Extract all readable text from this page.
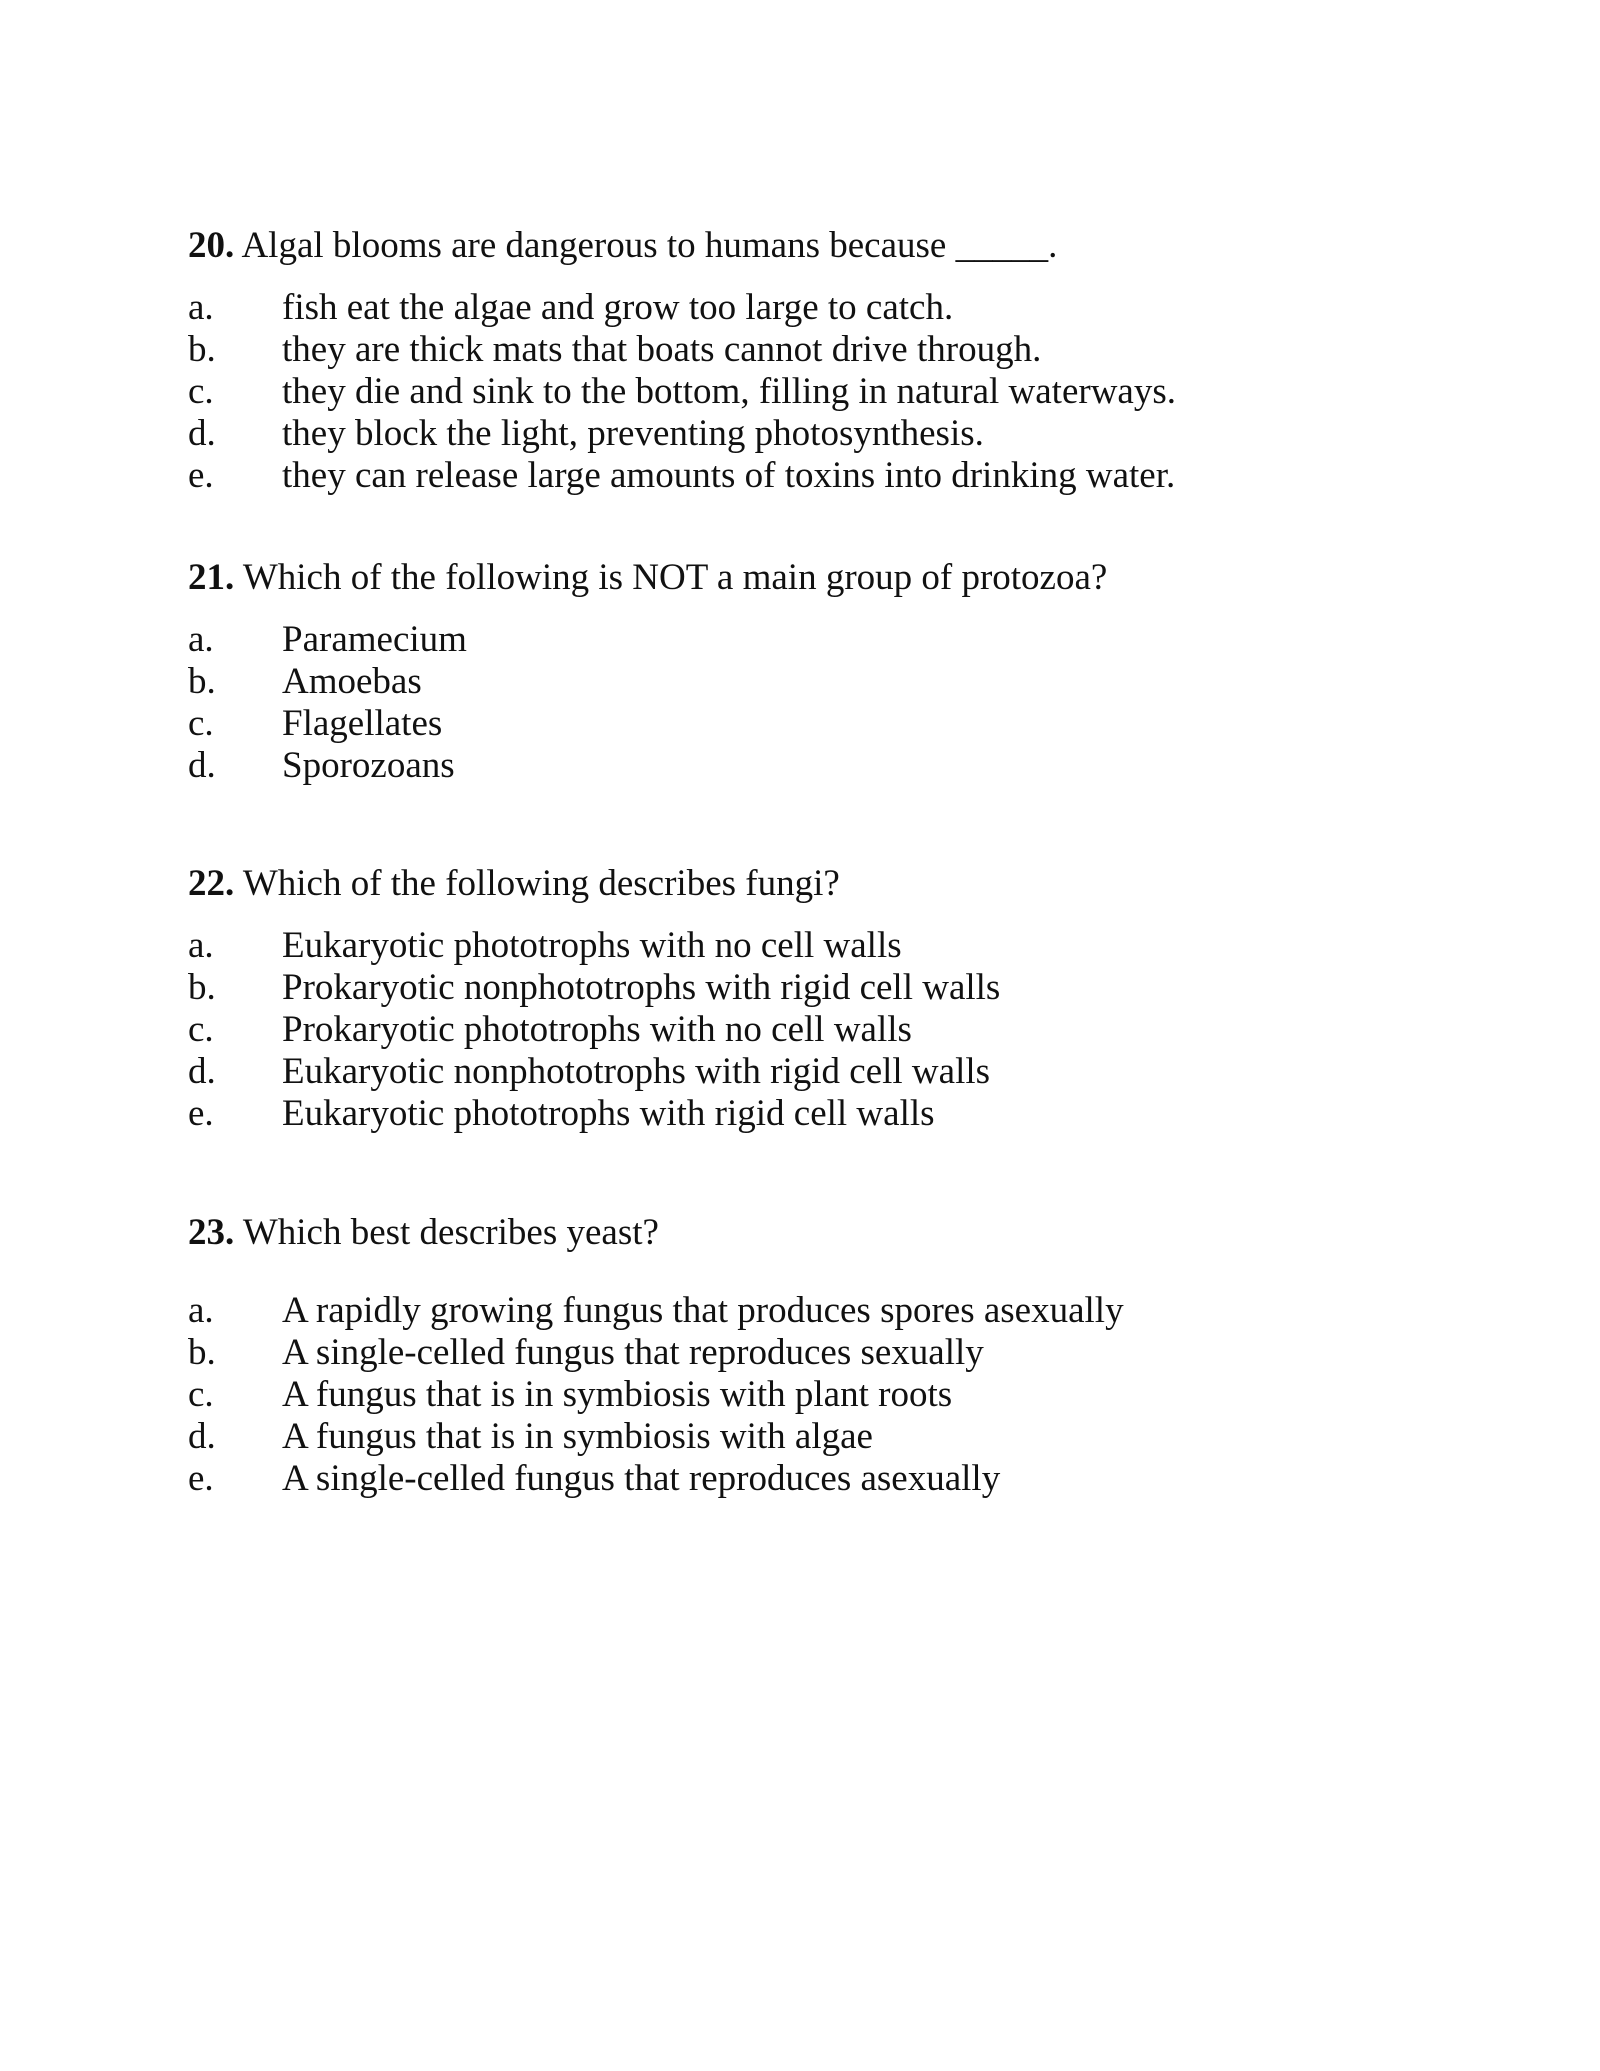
20. Algal blooms are dangerous to humans because _____.
a. fish eat the algae and grow too large to catch.
b. they are thick mats that boats cannot drive through.
c. they die and sink to the bottom, filling in natural waterways.
d. they block the light, preventing photosynthesis.
e. they can release large amounts of toxins into drinking water.
21. Which of the following is NOT a main group of protozoa?
a. Paramecium
b. Amoebas
c. Flagellates
d. Sporozoans
22. Which of the following describes fungi?
a. Eukaryotic phototrophs with no cell walls
b. Prokaryotic nonphototrophs with rigid cell walls
c. Prokaryotic phototrophs with no cell walls
d. Eukaryotic nonphototrophs with rigid cell walls
e. Eukaryotic phototrophs with rigid cell walls
23. Which best describes yeast?
a. A rapidly growing fungus that produces spores asexually
b. A single-celled fungus that reproduces sexually
c. A fungus that is in symbiosis with plant roots
d. A fungus that is in symbiosis with algae
e. A single-celled fungus that reproduces asexually
